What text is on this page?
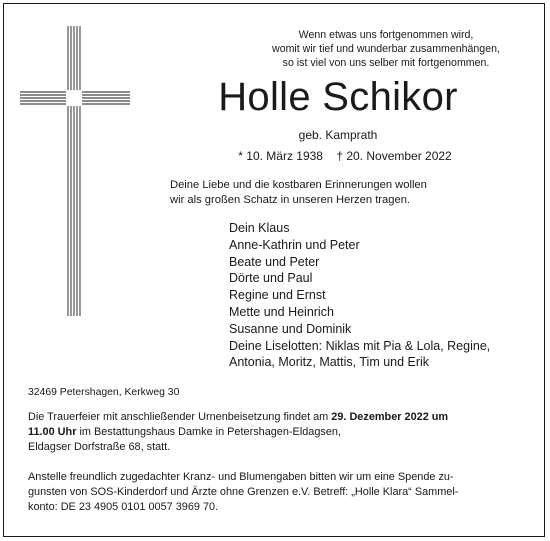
Wenn etwas uns fortgenommen wird,
womit wir tief und wunderbar zusammenhängen,
so ist viel von uns selber mit fortgenommen.
Holle Schikor
geb. Kamprath
* 10. März 1938 † 20. November 2022
Deine Liebe und die kostbaren Erinnerungen wollen
wir als großen Schatz in unseren Herzen tragen.
Dein Klaus
Anne-Kathrin und Peter
Beate und Peter
Dörte und Paul
Regine und Ernst
Mette und Heinrich
Susanne und Dominik
Deine Liselotten: Niklas mit Pia & Lola, Regine,
Antonia, Moritz, Mattis, Tim und Erik
32469 Petershagen, Kerkweg 30
Die Trauerfeier mit anschließender Urnenbeisetzung findet am 29. Dezember 2022 um
11.00 Uhr im Bestattungshaus Damke in Petershagen-Eldagsen,
Eldagser Dorfstraße 68, statt.
Anstelle freundlich zugedachter Kranz- und Blumengaben bitten wir um eine Spende zu-
gunsten von SOS-Kinderdorf und Ärzte ohne Grenzen e.V. Betreff: „Holle Klara“ Sammel-
konto: DE 23 4905 0101 0057 3969 70.
